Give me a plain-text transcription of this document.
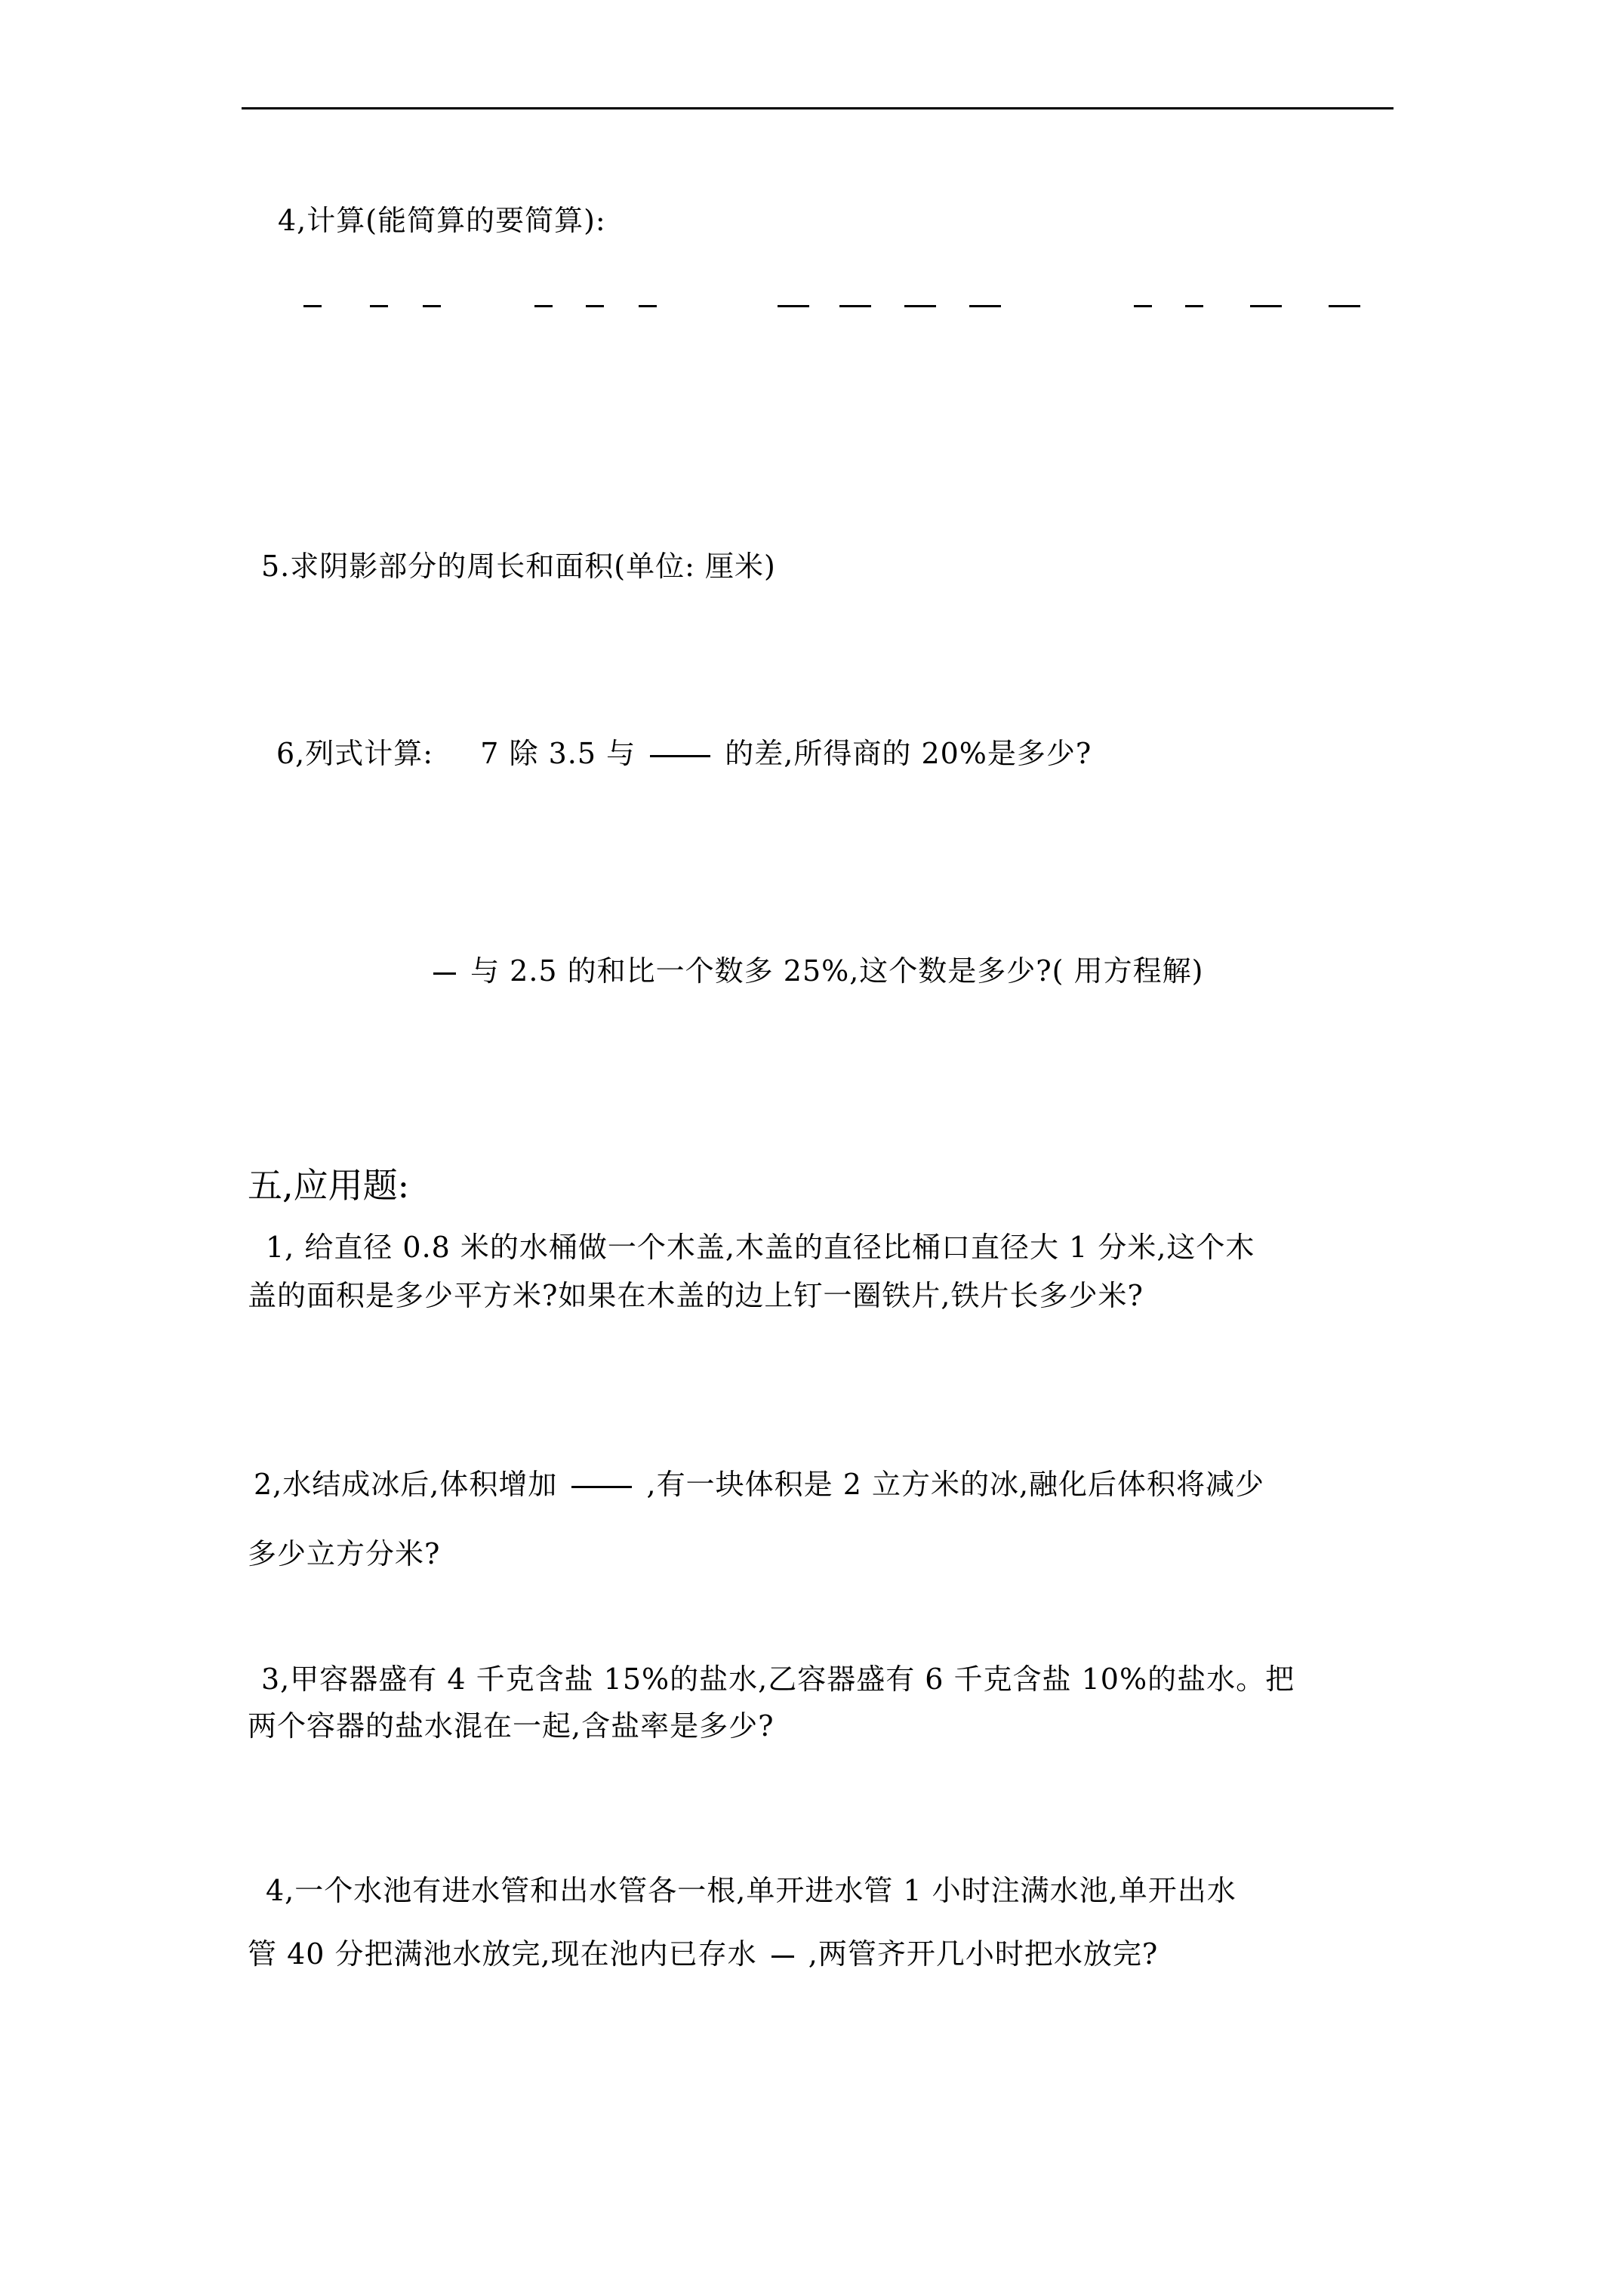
4,计算(能简算的要简算):
5.求阴影部分的周长和面积(单位: 厘米)
6,列式计算: 7 除 3.5 与	的差,所得商的 20%是多少?
与 2.5 的和比一个数多 25%,这个数是多少?( 用方程解)
五,应用题:
1, 给直径 0.8 米的水桶做一个木盖,木盖的直径比桶口直径大 1 分米,这个木
盖的面积是多少平方米?如果在木盖的边上钉一圈铁片,铁片长多少米?
2,水结成冰后,体积增加	,有一块体积是 2 立方米的冰,融化后体积将减少
多少立方分米?
3,甲容器盛有 4 千克含盐 15%的盐水,乙容器盛有 6 千克含盐 10%的盐水。把
两个容器的盐水混在一起,含盐率是多少?
4,一个水池有进水管和出水管各一根,单开进水管 1 小时注满水池,单开出水
管 40 分把满池水放完,现在池内已存水 ,两管齐开几小时把水放完?
